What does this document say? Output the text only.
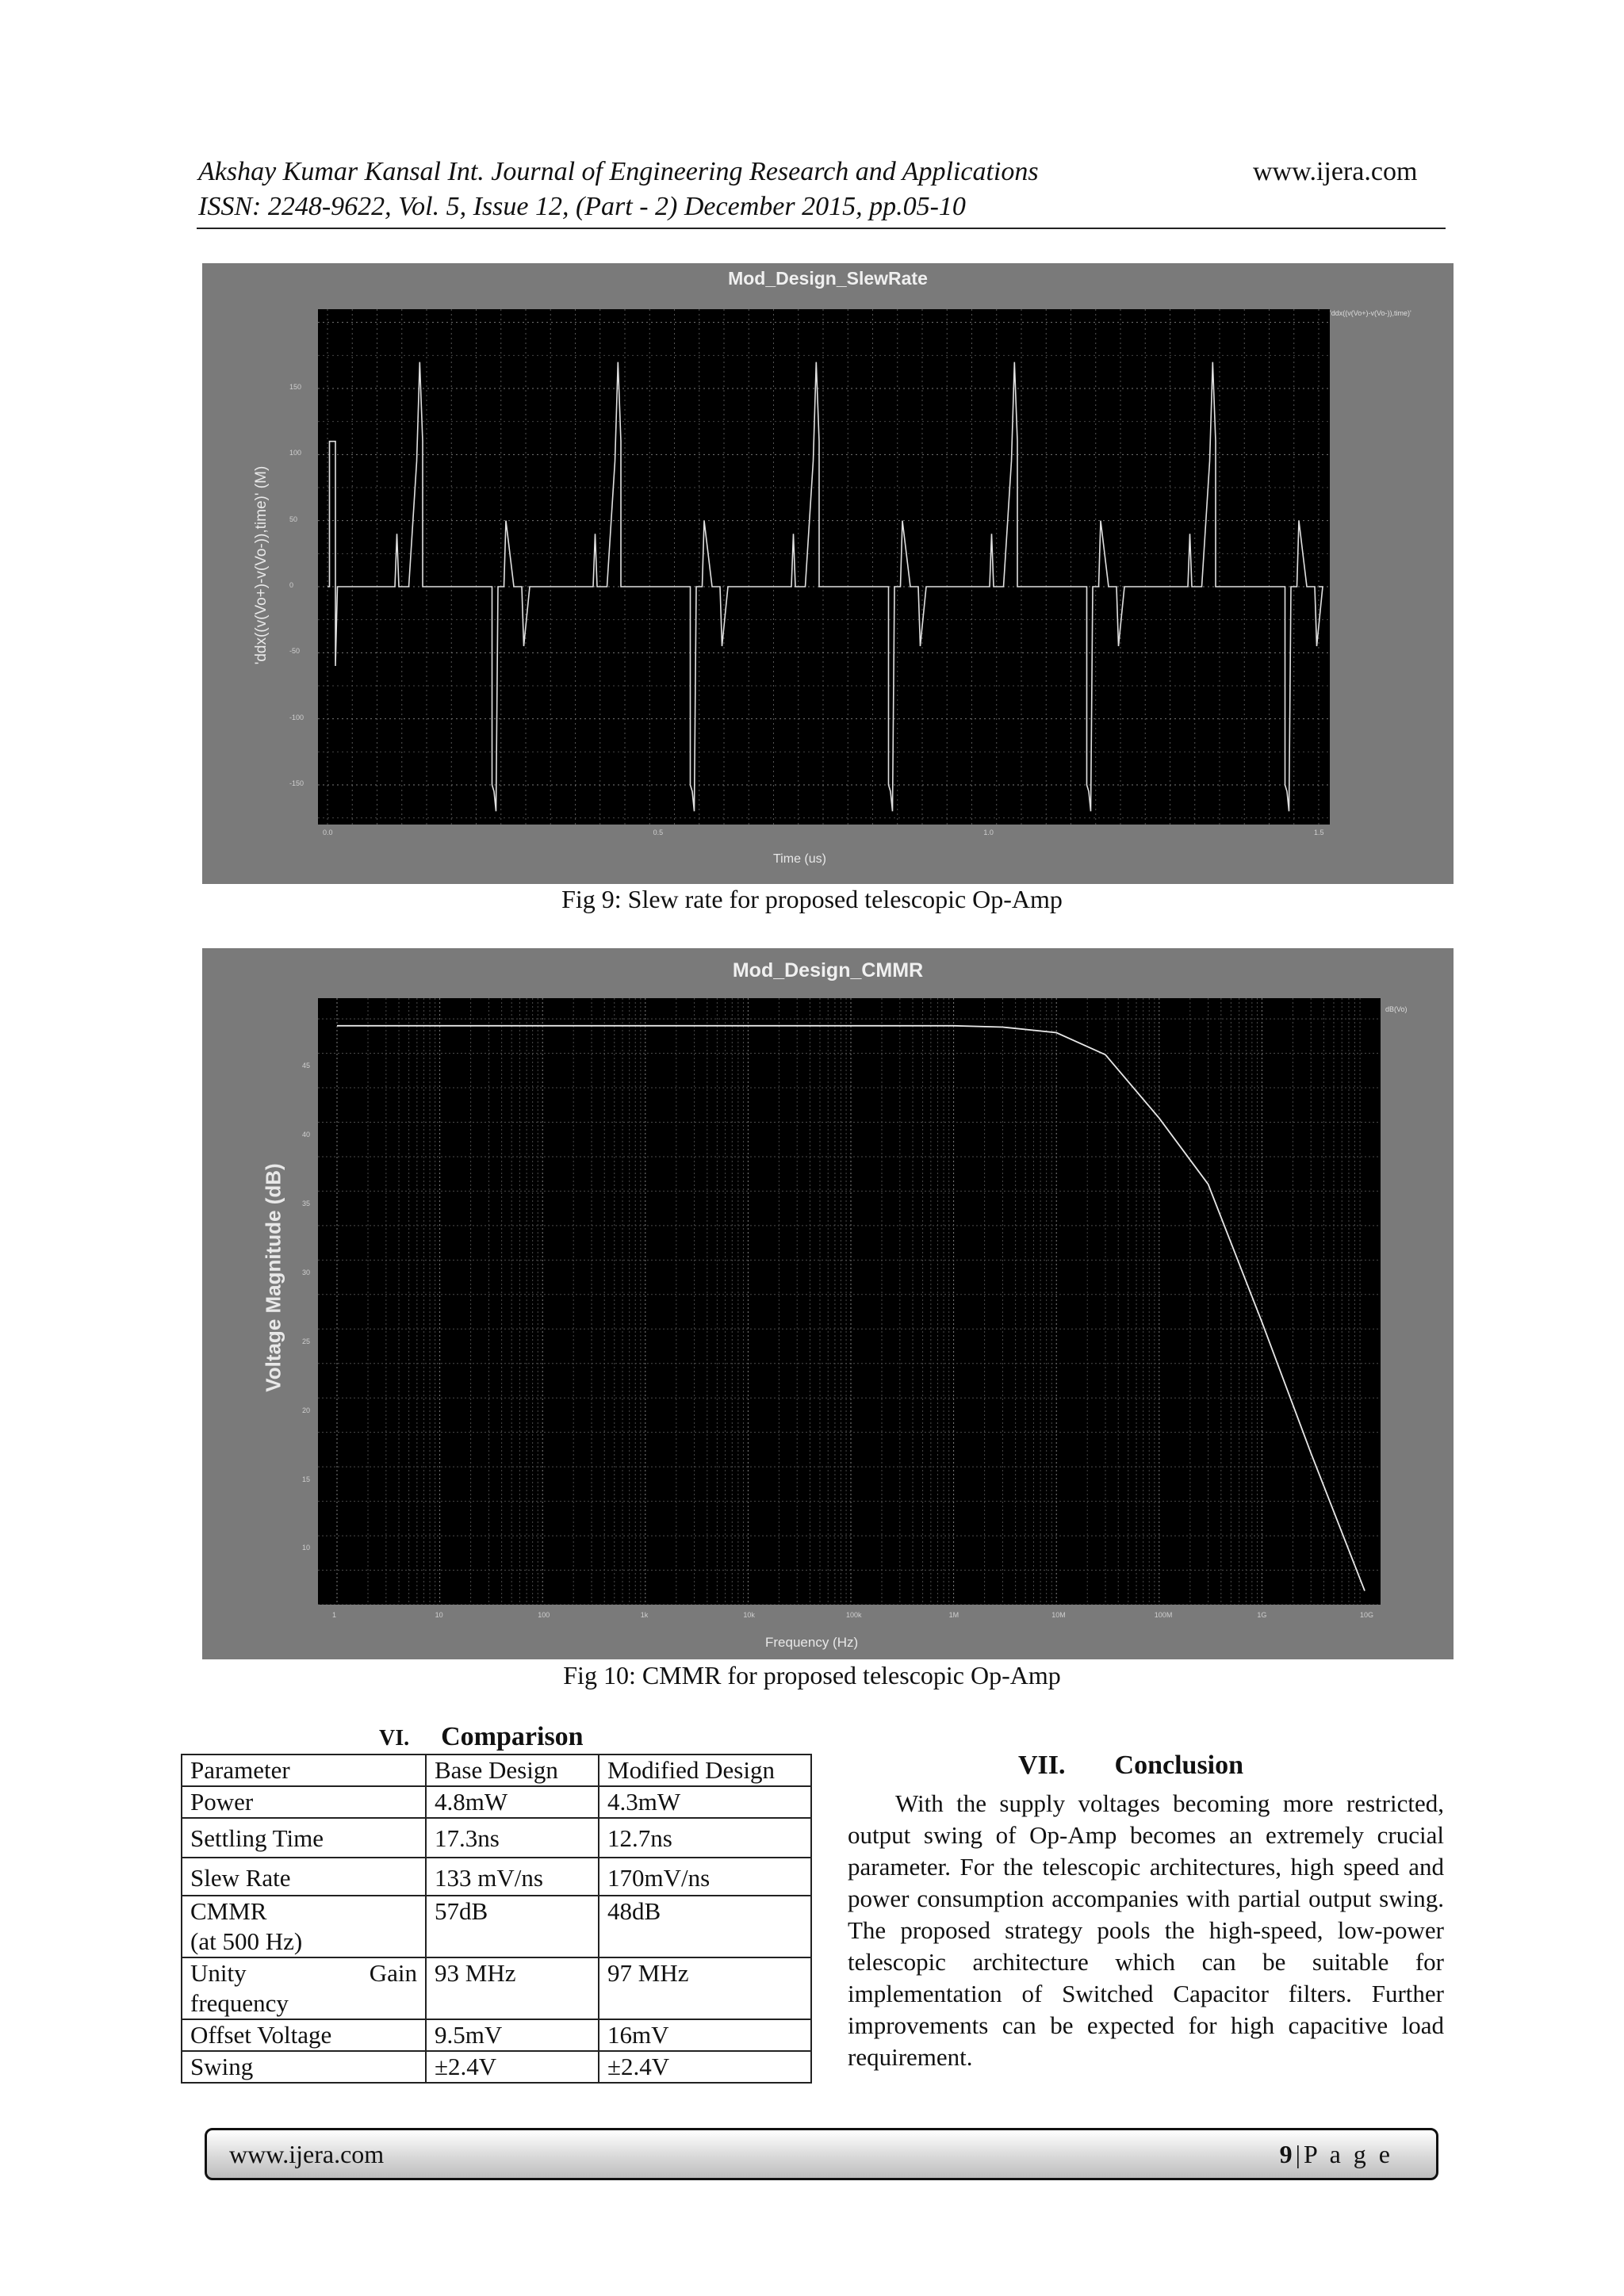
Akshay Kumar Kansal Int. Journal of Engineering Research and Applications	www.ijera.com
ISSN: 2248-9622, Vol. 5, Issue 12, (Part - 2) December 2015, pp.05-10
Mod_Design_SlewRate
'ddx((v(Vo+)-v(Vo-)),time)'
'ddx((v(Vo+)-v(Vo-)),time)' (M)
Time (us)
-150
-100
-50
0
50
100
150
0.0	0.5	1.0	1.5
Fig 9: Slew rate for proposed telescopic Op-Amp
Mod_Design_CMMR
dB(Vo)
Voltage Magnitude (dB)
Frequency (Hz)
10
15
20
25
30
35
40
45
1	10	100	1k	10k	100k	1M	10M	100M	1G	10G
Fig 10: CMMR for proposed telescopic Op-Amp
VI. Comparison
Parameter	Base Design	Modified Design
Power	4.8mW	4.3mW
Settling Time	17.3ns	12.7ns
Slew Rate	133 mV/ns	170mV/ns

CMMR
(at 500 Hz)	57dB	48dB

Unity Gain
frequency	93 MHz	97 MHz
Offset Voltage	9.5mV	16mV
Swing	±2.4V	±2.4V
VII. Conclusion
With the supply voltages becoming more restricted, output swing of Op-Amp becomes an extremely crucial parameter. For the telescopic architectures, high speed and power consumption accompanies with partial output swing. The proposed strategy pools the high-speed, low-power telescopic architecture which can be suitable for implementation of Switched Capacitor filters. Further improvements can be expected for high capacitive load requirement.
www.ijera.com	9|P a g e
